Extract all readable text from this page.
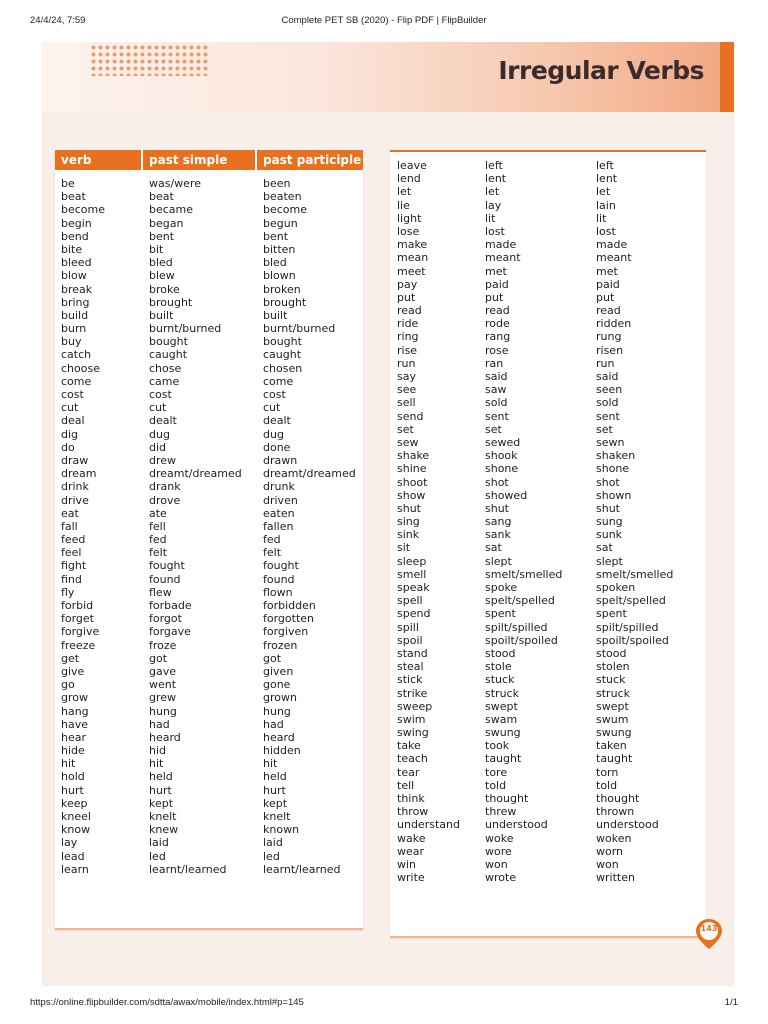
24/4/24, 7:59	Complete PET SB (2020) - Flip PDF | FlipBuilder
Irregular Verbs
verb	past simple	past participle
be	was/were	been
beat	beat	beaten
become	became	become
begin	began	begun
bend	bent	bent
bite	bit	bitten
bleed	bled	bled
blow	blew	blown
break	broke	broken
bring	brought	brought
build	built	built
burn	burnt/burned	burnt/burned
buy	bought	bought
catch	caught	caught
choose	chose	chosen
come	came	come
cost	cost	cost
cut	cut	cut
deal	dealt	dealt
dig	dug	dug
do	did	done
draw	drew	drawn
dream	dreamt/dreamed	dreamt/dreamed
drink	drank	drunk
drive	drove	driven
eat	ate	eaten
fall	fell	fallen
feed	fed	fed
feel	felt	felt
fight	fought	fought
find	found	found
fly	flew	flown
forbid	forbade	forbidden
forget	forgot	forgotten
forgive	forgave	forgiven
freeze	froze	frozen
get	got	got
give	gave	given
go	went	gone
grow	grew	grown
hang	hung	hung
have	had	had
hear	heard	heard
hide	hid	hidden
hit	hit	hit
hold	held	held
hurt	hurt	hurt
keep	kept	kept
kneel	knelt	knelt
know	knew	known
lay	laid	laid
lead	led	led
learn	learnt/learned	learnt/learned
leave	left	left
lend	lent	lent
let	let	let
lie	lay	lain
light	lit	lit
lose	lost	lost
make	made	made
mean	meant	meant
meet	met	met
pay	paid	paid
put	put	put
read	read	read
ride	rode	ridden
ring	rang	rung
rise	rose	risen
run	ran	run
say	said	said
see	saw	seen
sell	sold	sold
send	sent	sent
set	set	set
sew	sewed	sewn
shake	shook	shaken
shine	shone	shone
shoot	shot	shot
show	showed	shown
shut	shut	shut
sing	sang	sung
sink	sank	sunk
sit	sat	sat
sleep	slept	slept
smell	smelt/smelled	smelt/smelled
speak	spoke	spoken
spell	spelt/spelled	spelt/spelled
spend	spent	spent
spill	spilt/spilled	spilt/spilled
spoil	spoilt/spoiled	spoilt/spoiled
stand	stood	stood
steal	stole	stolen
stick	stuck	stuck
strike	struck	struck
sweep	swept	swept
swim	swam	swum
swing	swung	swung
take	took	taken
teach	taught	taught
tear	tore	torn
tell	told	told
think	thought	thought
throw	threw	thrown
understand	understood	understood
wake	woke	woken
wear	wore	worn
win	won	won
write	wrote	written
143
https://online.flipbuilder.com/sdtta/awax/mobile/index.html#p=145	1/1
